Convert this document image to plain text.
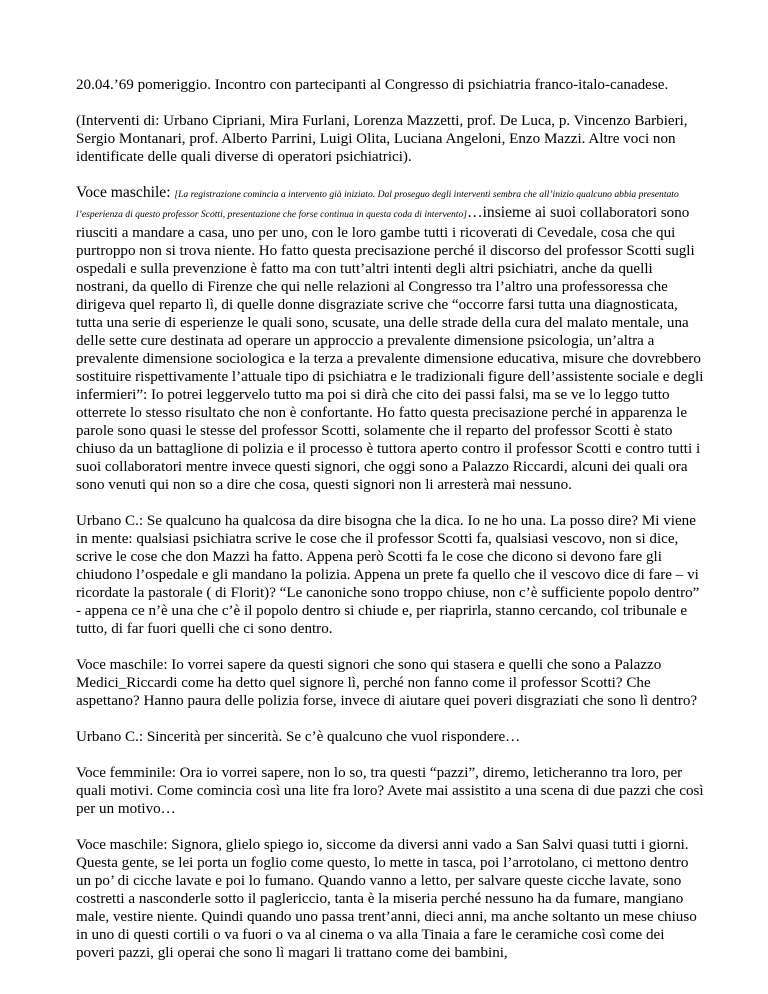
20.04.’69 pomeriggio. Incontro con partecipanti al Congresso di psichiatria franco-italo-canadese.

(Interventi di: Urbano Cipriani, Mira Furlani, Lorenza Mazzetti, prof. De Luca, p. Vincenzo Barbieri, Sergio Montanari, prof. Alberto Parrini, Luigi Olita, Luciana Angeloni, Enzo Mazzi. Altre voci non identificate delle quali diverse di operatori psichiatrici).

Voce maschile: [La registrazione comincia a intervento già iniziato. Dal proseguo degli interventi sembra che all’inizio qualcuno abbia presentato l’esperienza di questo professor Scotti, presentazione che forse continua in questa coda di intervento]…insieme ai suoi collaboratori sono riusciti a mandare a casa, uno per uno, con le loro gambe tutti i ricoverati di Cevedale, cosa che qui purtroppo non si trova niente. Ho fatto questa precisazione perché il discorso del professor Scotti sugli ospedali e sulla prevenzione è fatto ma con tutt’altri intenti degli altri psichiatri, anche da quelli nostrani, da quello di Firenze che qui nelle relazioni al Congresso tra l’altro una professoressa che dirigeva quel reparto lì, di quelle donne disgraziate scrive che “occorre farsi tutta una diagnosticata, tutta una serie di esperienze le quali sono, scusate, una delle strade della cura del malato mentale, una delle sette cure destinata ad operare un approccio a prevalente dimensione psicologia, un’altra a prevalente dimensione sociologica e la terza a prevalente dimensione educativa, misure che dovrebbero sostituire rispettivamente l’attuale tipo di psichiatra e le tradizionali figure dell’assistente sociale e degli infermieri”: Io potrei leggervelo tutto ma poi si dirà che cito dei passi falsi, ma se ve lo leggo tutto otterrete lo stesso risultato che non è confortante. Ho fatto questa precisazione perché in apparenza le parole sono quasi le stesse del professor Scotti, solamente che il reparto del professor Scotti è stato chiuso da un battaglione di polizia e il processo è tuttora aperto contro il professor Scotti e contro tutti i suoi collaboratori mentre invece questi signori, che oggi sono a Palazzo Riccardi, alcuni dei quali ora sono venuti qui non so a dire che cosa, questi signori non li arresterà mai nessuno.

Urbano C.: Se qualcuno ha qualcosa da dire bisogna che la dica. Io ne ho una. La posso dire? Mi viene in mente: qualsiasi psichiatra scrive le cose che il professor Scotti fa, qualsiasi vescovo, non si dice, scrive le cose che don Mazzi ha fatto. Appena però Scotti fa le cose che dicono si devono fare gli chiudono l’ospedale e gli mandano la polizia. Appena un prete fa quello che il vescovo dice di fare – vi ricordate la pastorale ( di Florit)? “Le canoniche sono troppo chiuse, non c’è sufficiente popolo dentro” - appena ce n’è una che c’è il popolo dentro si chiude e, per riaprirla, stanno cercando, col tribunale e tutto, di far fuori quelli che ci sono dentro.

Voce maschile: Io vorrei sapere da questi signori che sono qui stasera e quelli che sono a Palazzo Medici_Riccardi come ha detto quel signore lì, perché non fanno come il professor Scotti? Che aspettano? Hanno paura delle polizia forse, invece di aiutare quei poveri disgraziati che sono lì dentro?

Urbano C.: Sincerità per sincerità. Se c’è qualcuno che vuol rispondere…

Voce femminile: Ora io vorrei sapere, non lo so, tra questi “pazzi”, diremo, leticheranno tra loro, per quali motivi. Come comincia così una lite fra loro? Avete mai assistito a una scena di due pazzi che così per un motivo…

Voce maschile: Signora, glielo spiego io, siccome da diversi anni vado a San Salvi quasi tutti i giorni. Questa gente, se lei porta un foglio come questo, lo mette in tasca, poi l’arrotolano, ci mettono dentro un po’ di cicche lavate e poi lo fumano. Quando vanno a letto, per salvare queste cicche lavate, sono costretti a nasconderle sotto il paglericcio, tanta è la miseria perché nessuno ha da fumare, mangiano male, vestire niente. Quindi quando uno passa trent’anni, dieci anni, ma anche soltanto un mese chiuso in uno di questi cortili o va fuori o va al cinema o va alla Tinaia a fare le ceramiche così come dei poveri pazzi, gli operai che sono lì magari li trattano come dei bambini,
